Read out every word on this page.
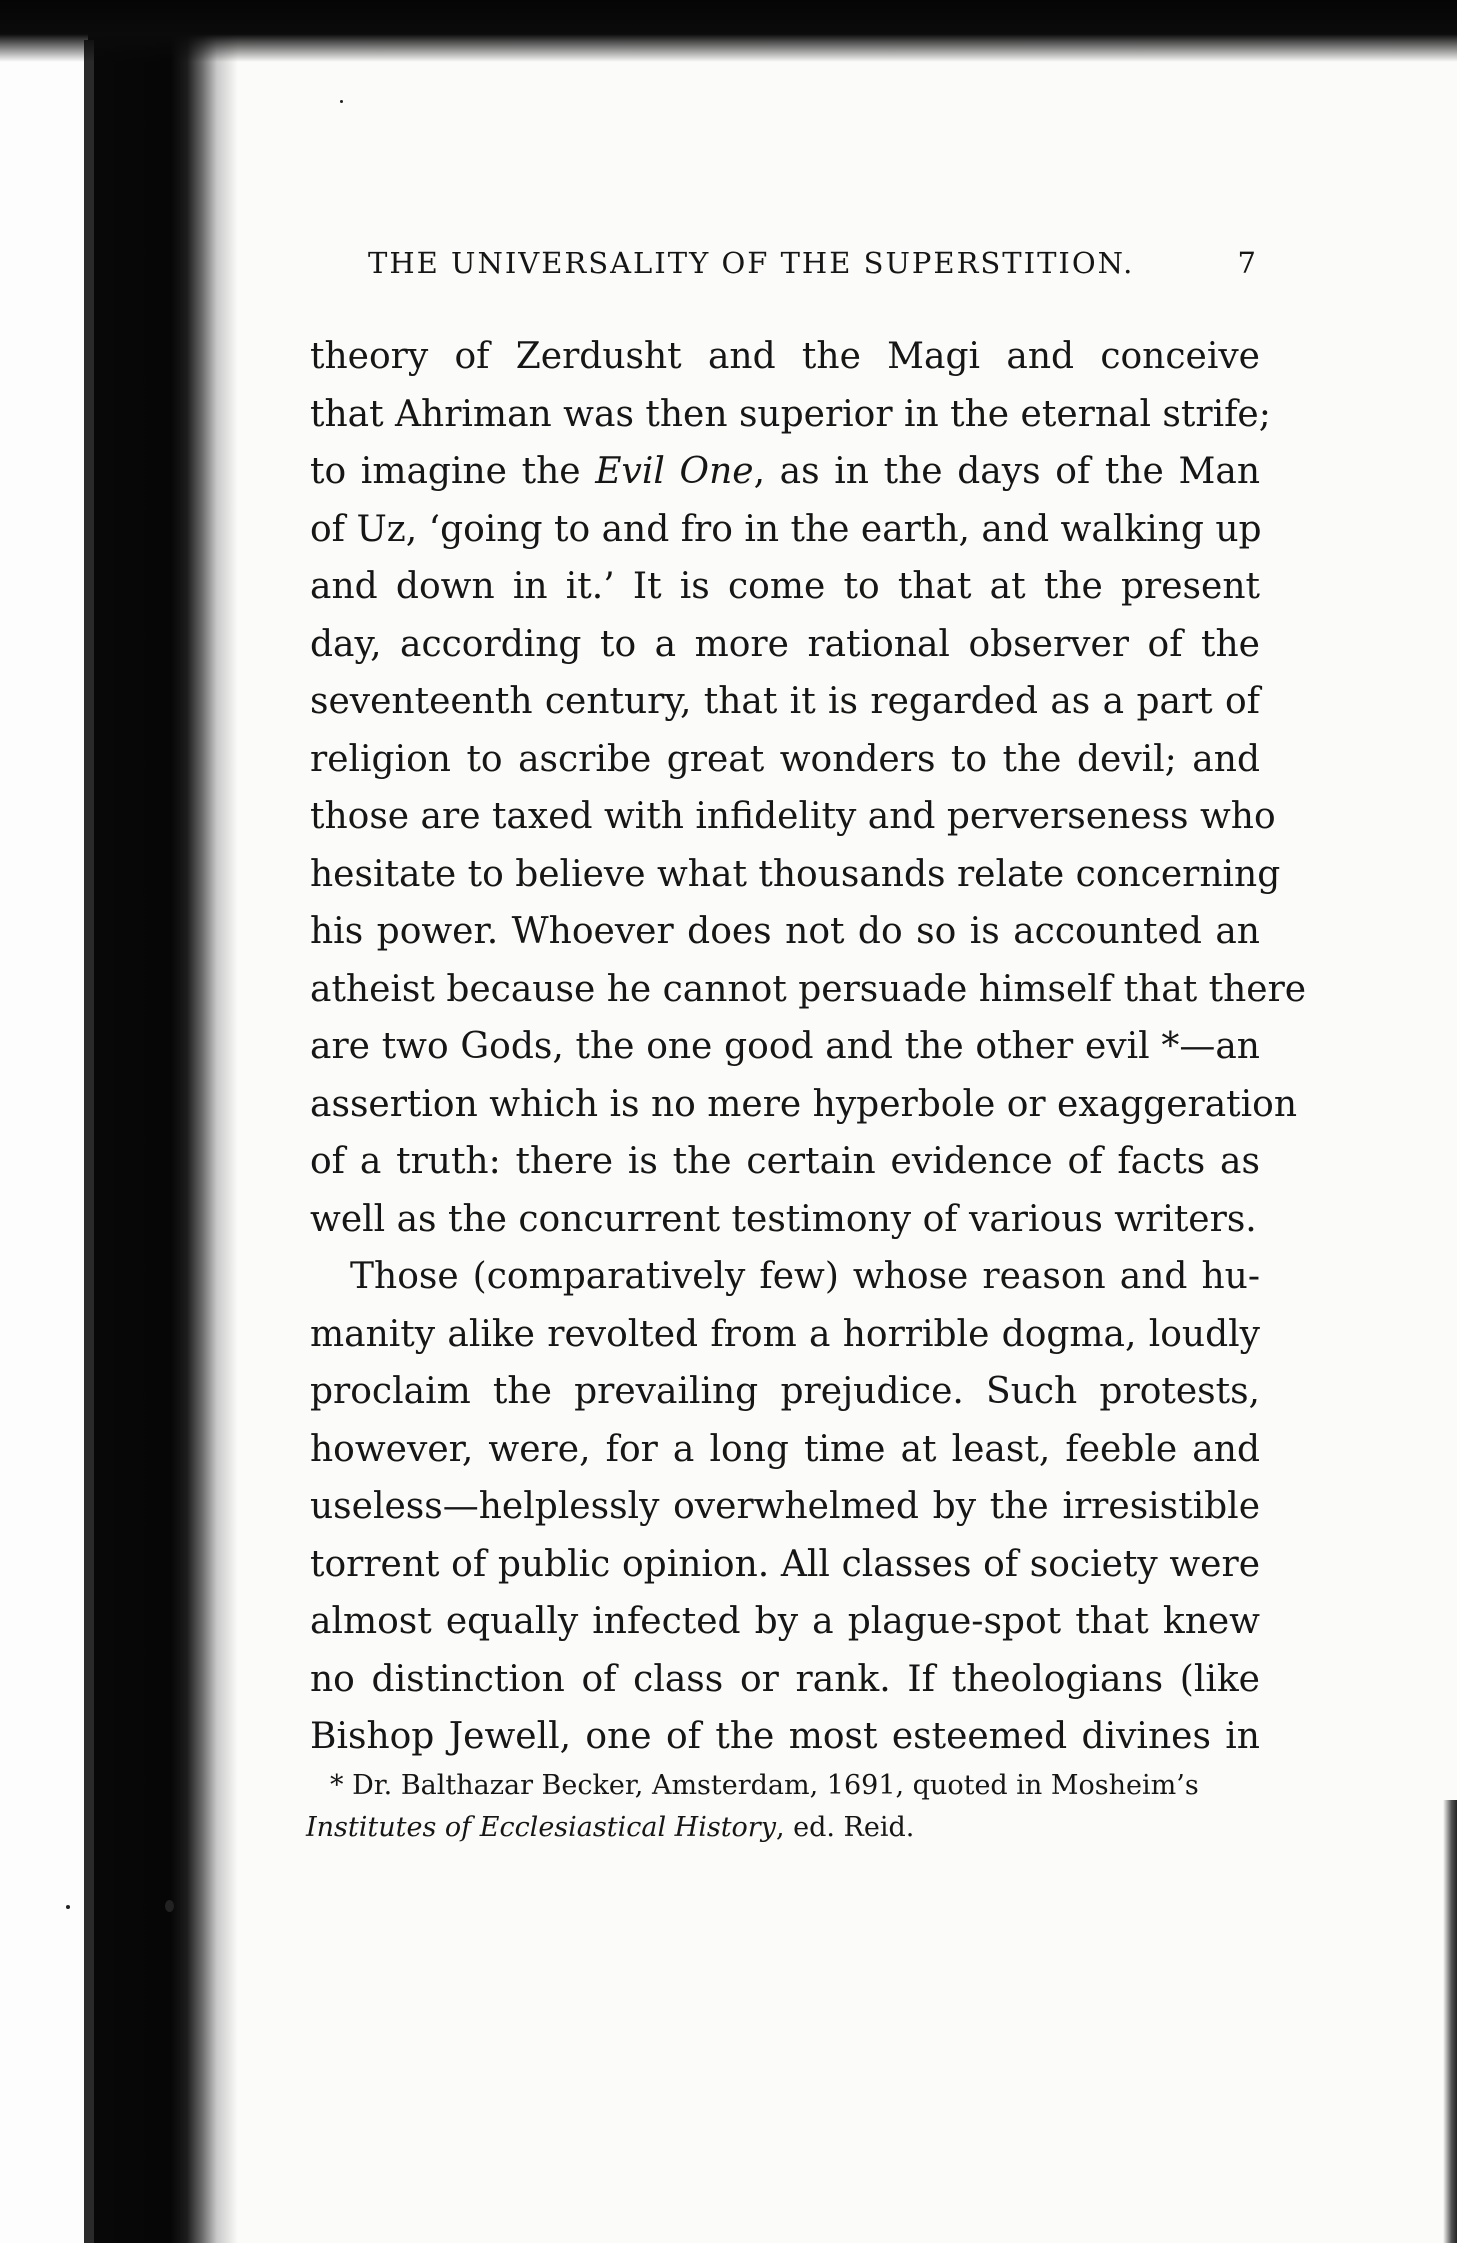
THE UNIVERSALITY OF THE SUPERSTITION.	7
theory of Zerdusht and the Magi and conceive
that Ahriman was then superior in the eternal strife;
to imagine the Evil One, as in the days of the Man
of Uz, ‘going to and fro in the earth, and walking up
and down in it.’ It is come to that at the present
day, according to a more rational observer of the
seventeenth century, that it is regarded as a part of
religion to ascribe great wonders to the devil; and
those are taxed with infidelity and perverseness who
hesitate to believe what thousands relate concerning
his power. Whoever does not do so is accounted an
atheist because he cannot persuade himself that there
are two Gods, the one good and the other evil *—an
assertion which is no mere hyperbole or exaggeration
of a truth: there is the certain evidence of facts as
well as the concurrent testimony of various writers.
Those (comparatively few) whose reason and hu-
manity alike revolted from a horrible dogma, loudly
proclaim the prevailing prejudice. Such protests,
however, were, for a long time at least, feeble and
useless—helplessly overwhelmed by the irresistible
torrent of public opinion. All classes of society were
almost equally infected by a plague-spot that knew
no distinction of class or rank. If theologians (like
Bishop Jewell, one of the most esteemed divines in
* Dr. Balthazar Becker, Amsterdam, 1691, quoted in Mosheim’s
Institutes of Ecclesiastical History, ed. Reid.
